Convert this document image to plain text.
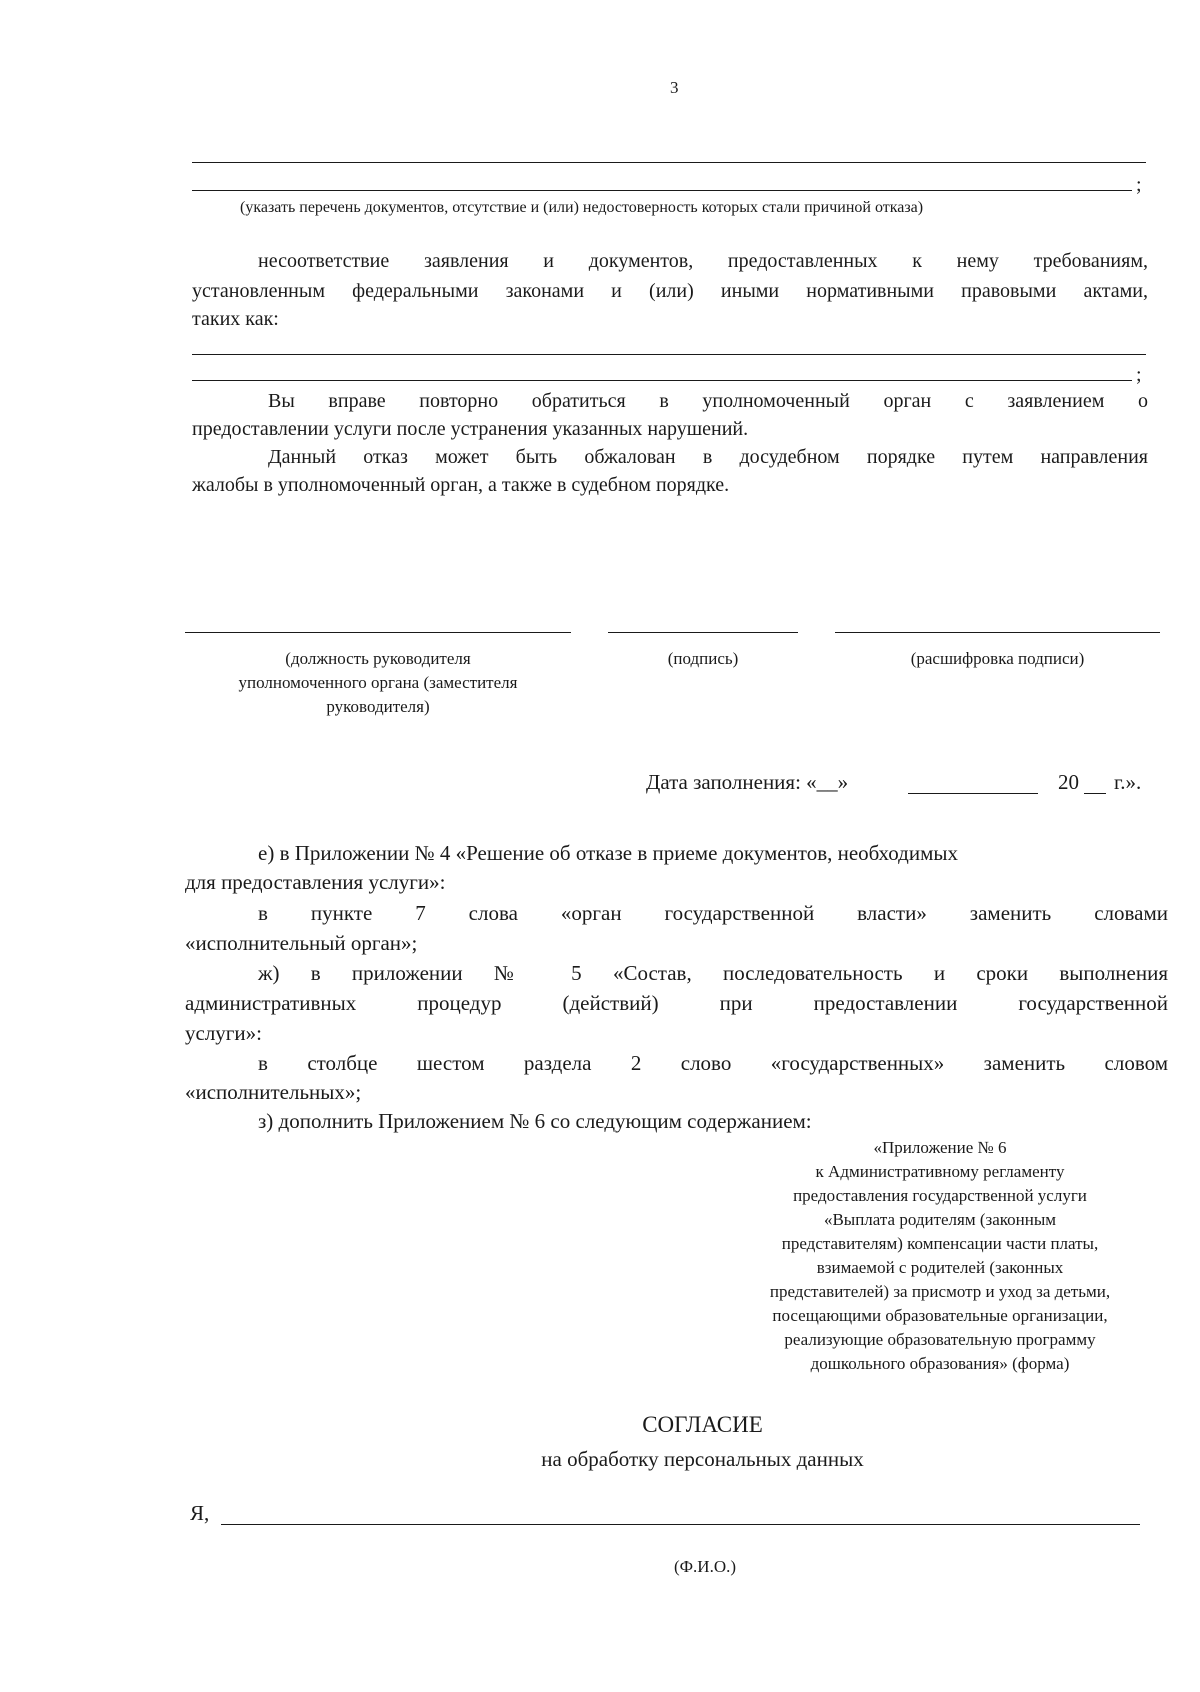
3
;
(указать перечень документов, отсутствие и (или) недостоверность которых стали причиной отказа)
несоответствие заявления и документов, предоставленных к нему требованиям,
установленным федеральными законами и (или) иными нормативными правовыми актами,
таких как:
;
Вы вправе повторно обратиться в уполномоченный орган с заявлением о
предоставлении услуги после устранения указанных нарушений.
Данный отказ может быть обжалован в досудебном порядке путем направления
жалобы в уполномоченный орган, а также в судебном порядке.
(должность руководителя
уполномоченного органа (заместителя
руководителя)
(подпись)	(расшифровка подписи)
Дата заполнения: «__»	20 г.».
е) в Приложении № 4 «Решение об отказе в приеме документов, необходимых
для предоставления услуги»:
в пункте 7 слова «орган государственной власти» заменить словами
«исполнительный орган»;
ж) в приложении № 5 «Состав, последовательность и сроки выполнения
административных процедур (действий) при предоставлении государственной
услуги»:
в столбце шестом раздела 2 слово «государственных» заменить словом
«исполнительных»;
з) дополнить Приложением № 6 со следующим содержанием:
«Приложение № 6
к Административному регламенту
предоставления государственной услуги
«Выплата родителям (законным
представителям) компенсации части платы,
взимаемой с родителей (законных
представителей) за присмотр и уход за детьми,
посещающими образовательные организации,
реализующие образовательную программу
дошкольного образования» (форма)
СОГЛАСИЕ
на обработку персональных данных
Я,
(Ф.И.О.)
